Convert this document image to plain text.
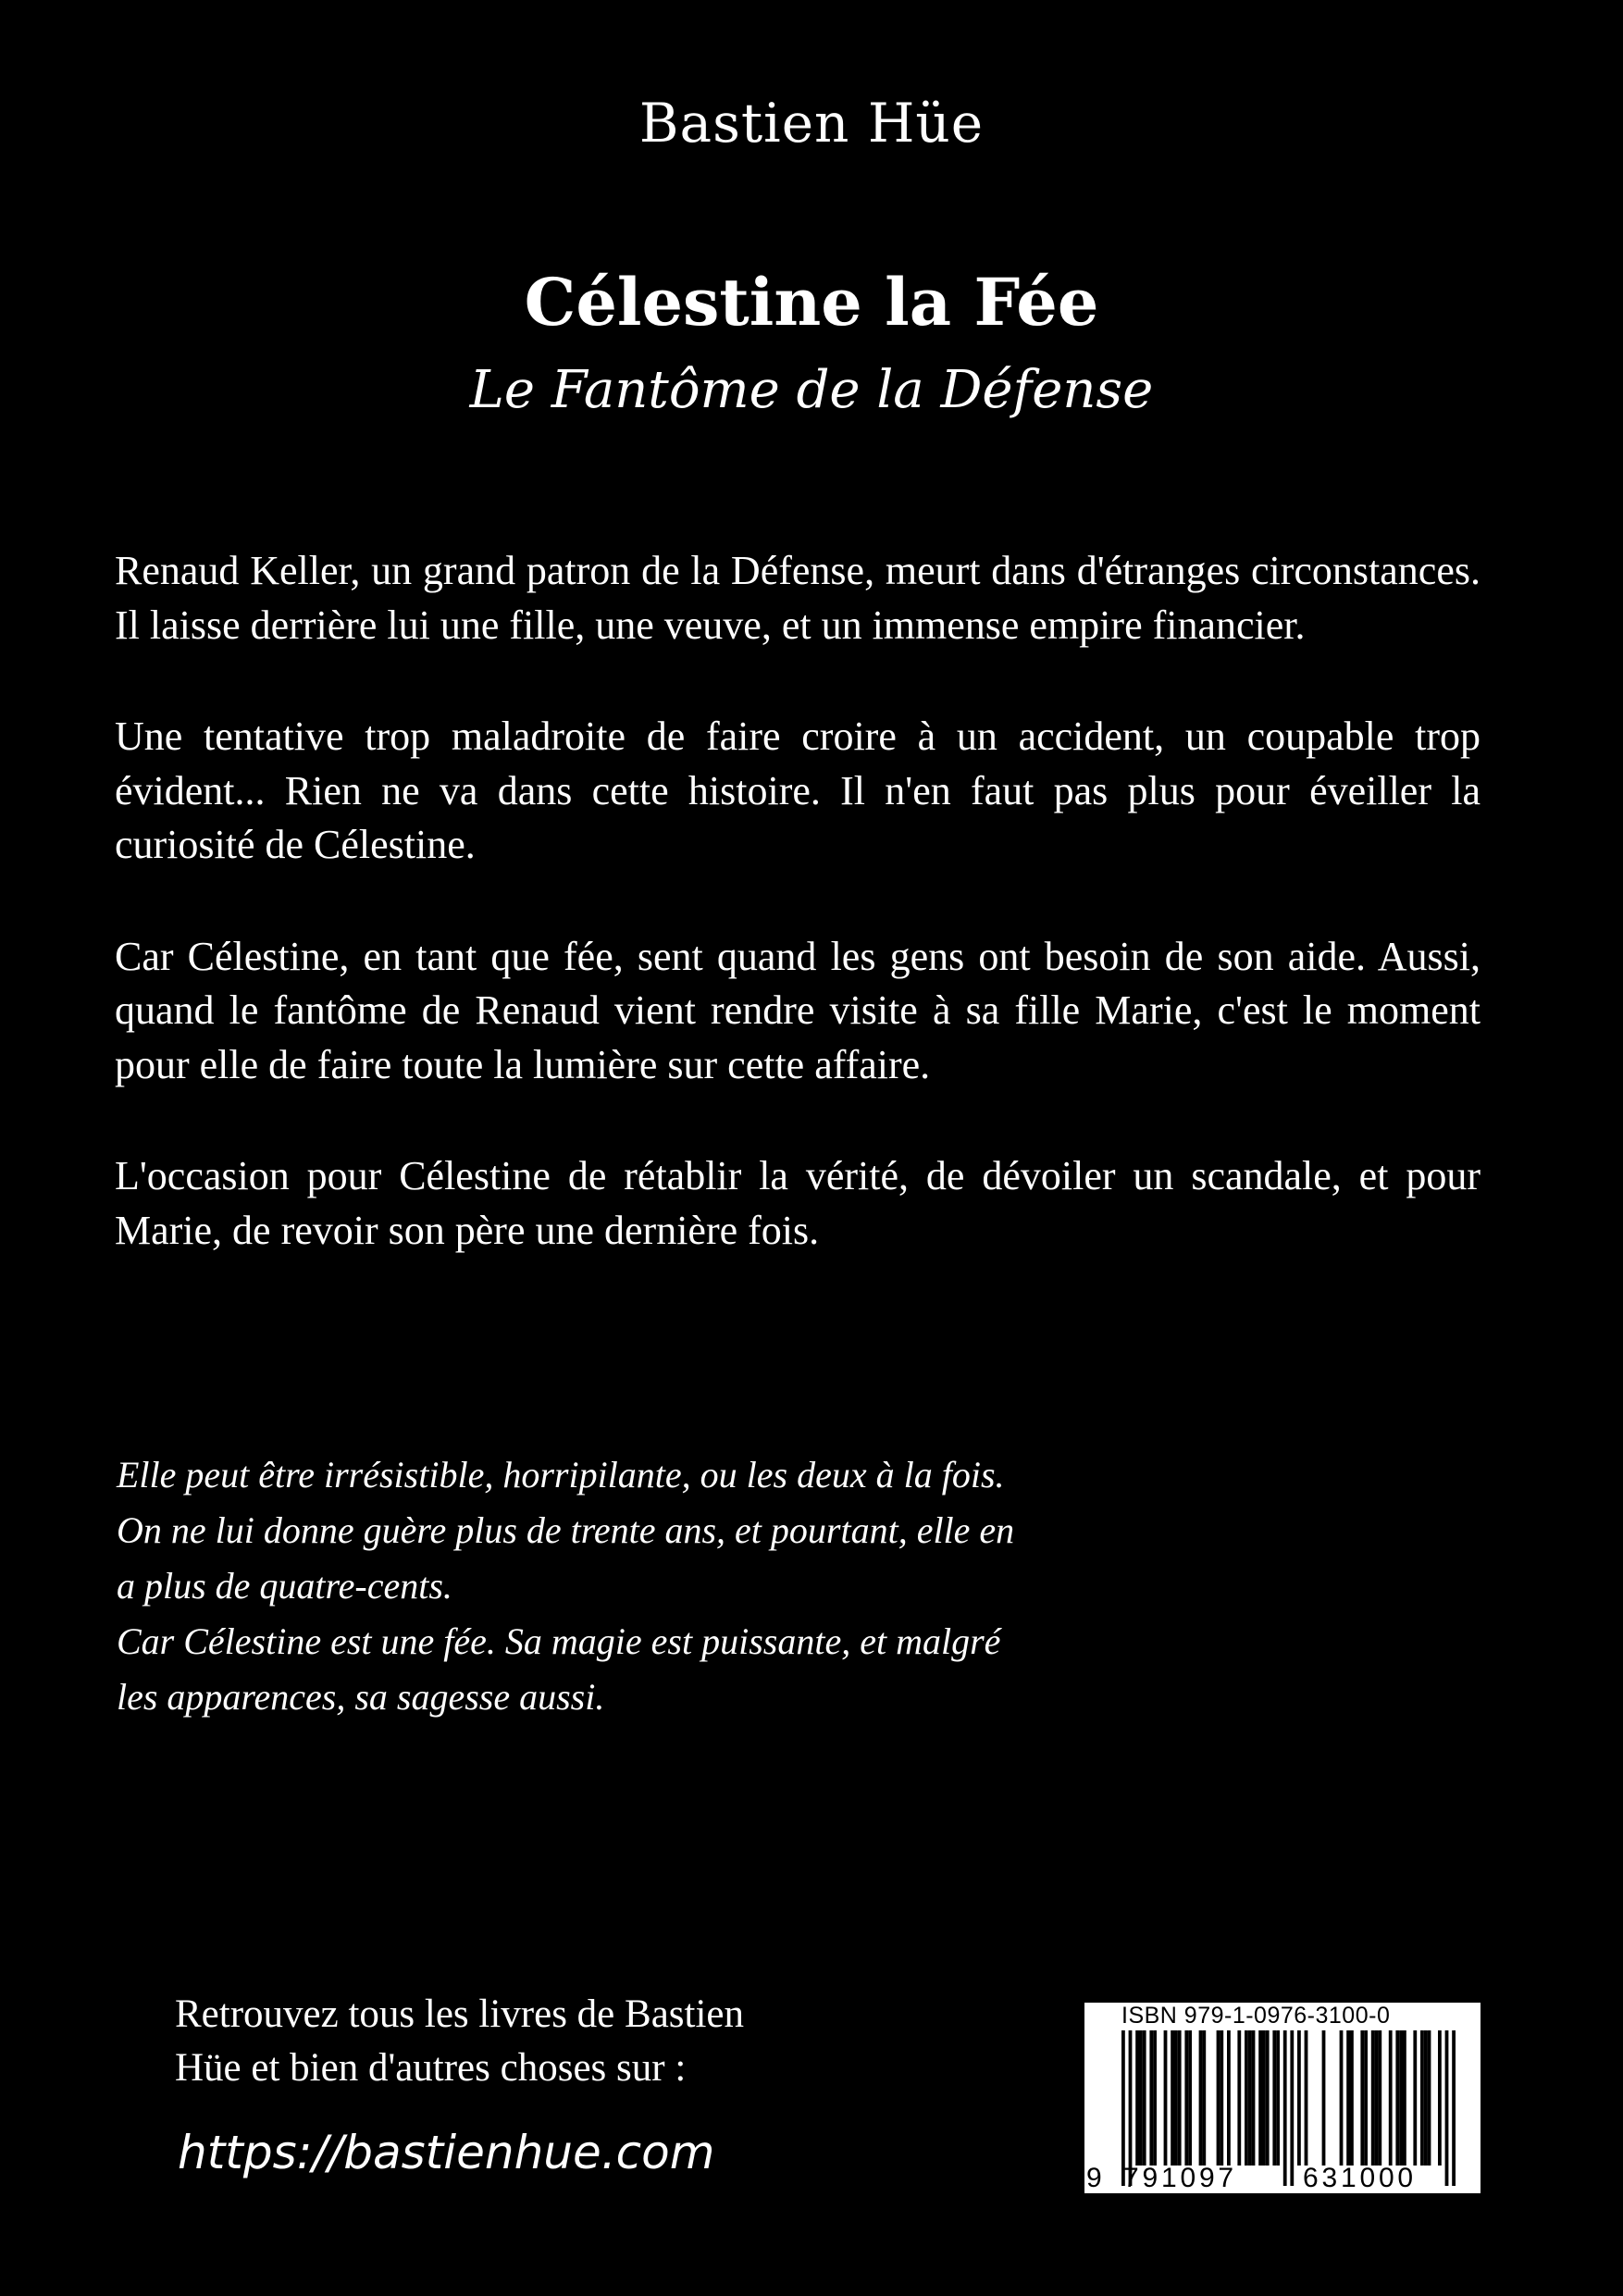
Bastien Hüe
Célestine la Fée
Le Fantôme de la Défense

Renaud Keller, un grand patron de la Défense, meurt dans d'étranges circonstances. Il laisse derrière lui une fille, une veuve, et un immense empire financier.

Une tentative trop maladroite de faire croire à un accident, un coupable trop évident... Rien ne va dans cette histoire. Il n'en faut pas plus pour éveiller la curiosité de Célestine.

Car Célestine, en tant que fée, sent quand les gens ont besoin de son aide. Aussi, quand le fantôme de Renaud vient rendre visite à sa fille Marie, c'est le moment pour elle de faire toute la lumière sur cette affaire.

L'occasion pour Célestine de rétablir la vérité, de dévoiler un scandale, et pour Marie, de revoir son père une dernière fois.

Elle peut être irrésistible, horripilante, ou les deux à la fois.
On ne lui donne guère plus de trente ans, et pourtant, elle en
a plus de quatre-cents.
Car Célestine est une fée. Sa magie est puissante, et malgré
les apparences, sa sagesse aussi.
Retrouvez tous les livres de Bastien
Hüe et bien d'autres choses sur :
https://bastienhue.com
ISBN 979-1-0976-3100-0
9 791097 631000
